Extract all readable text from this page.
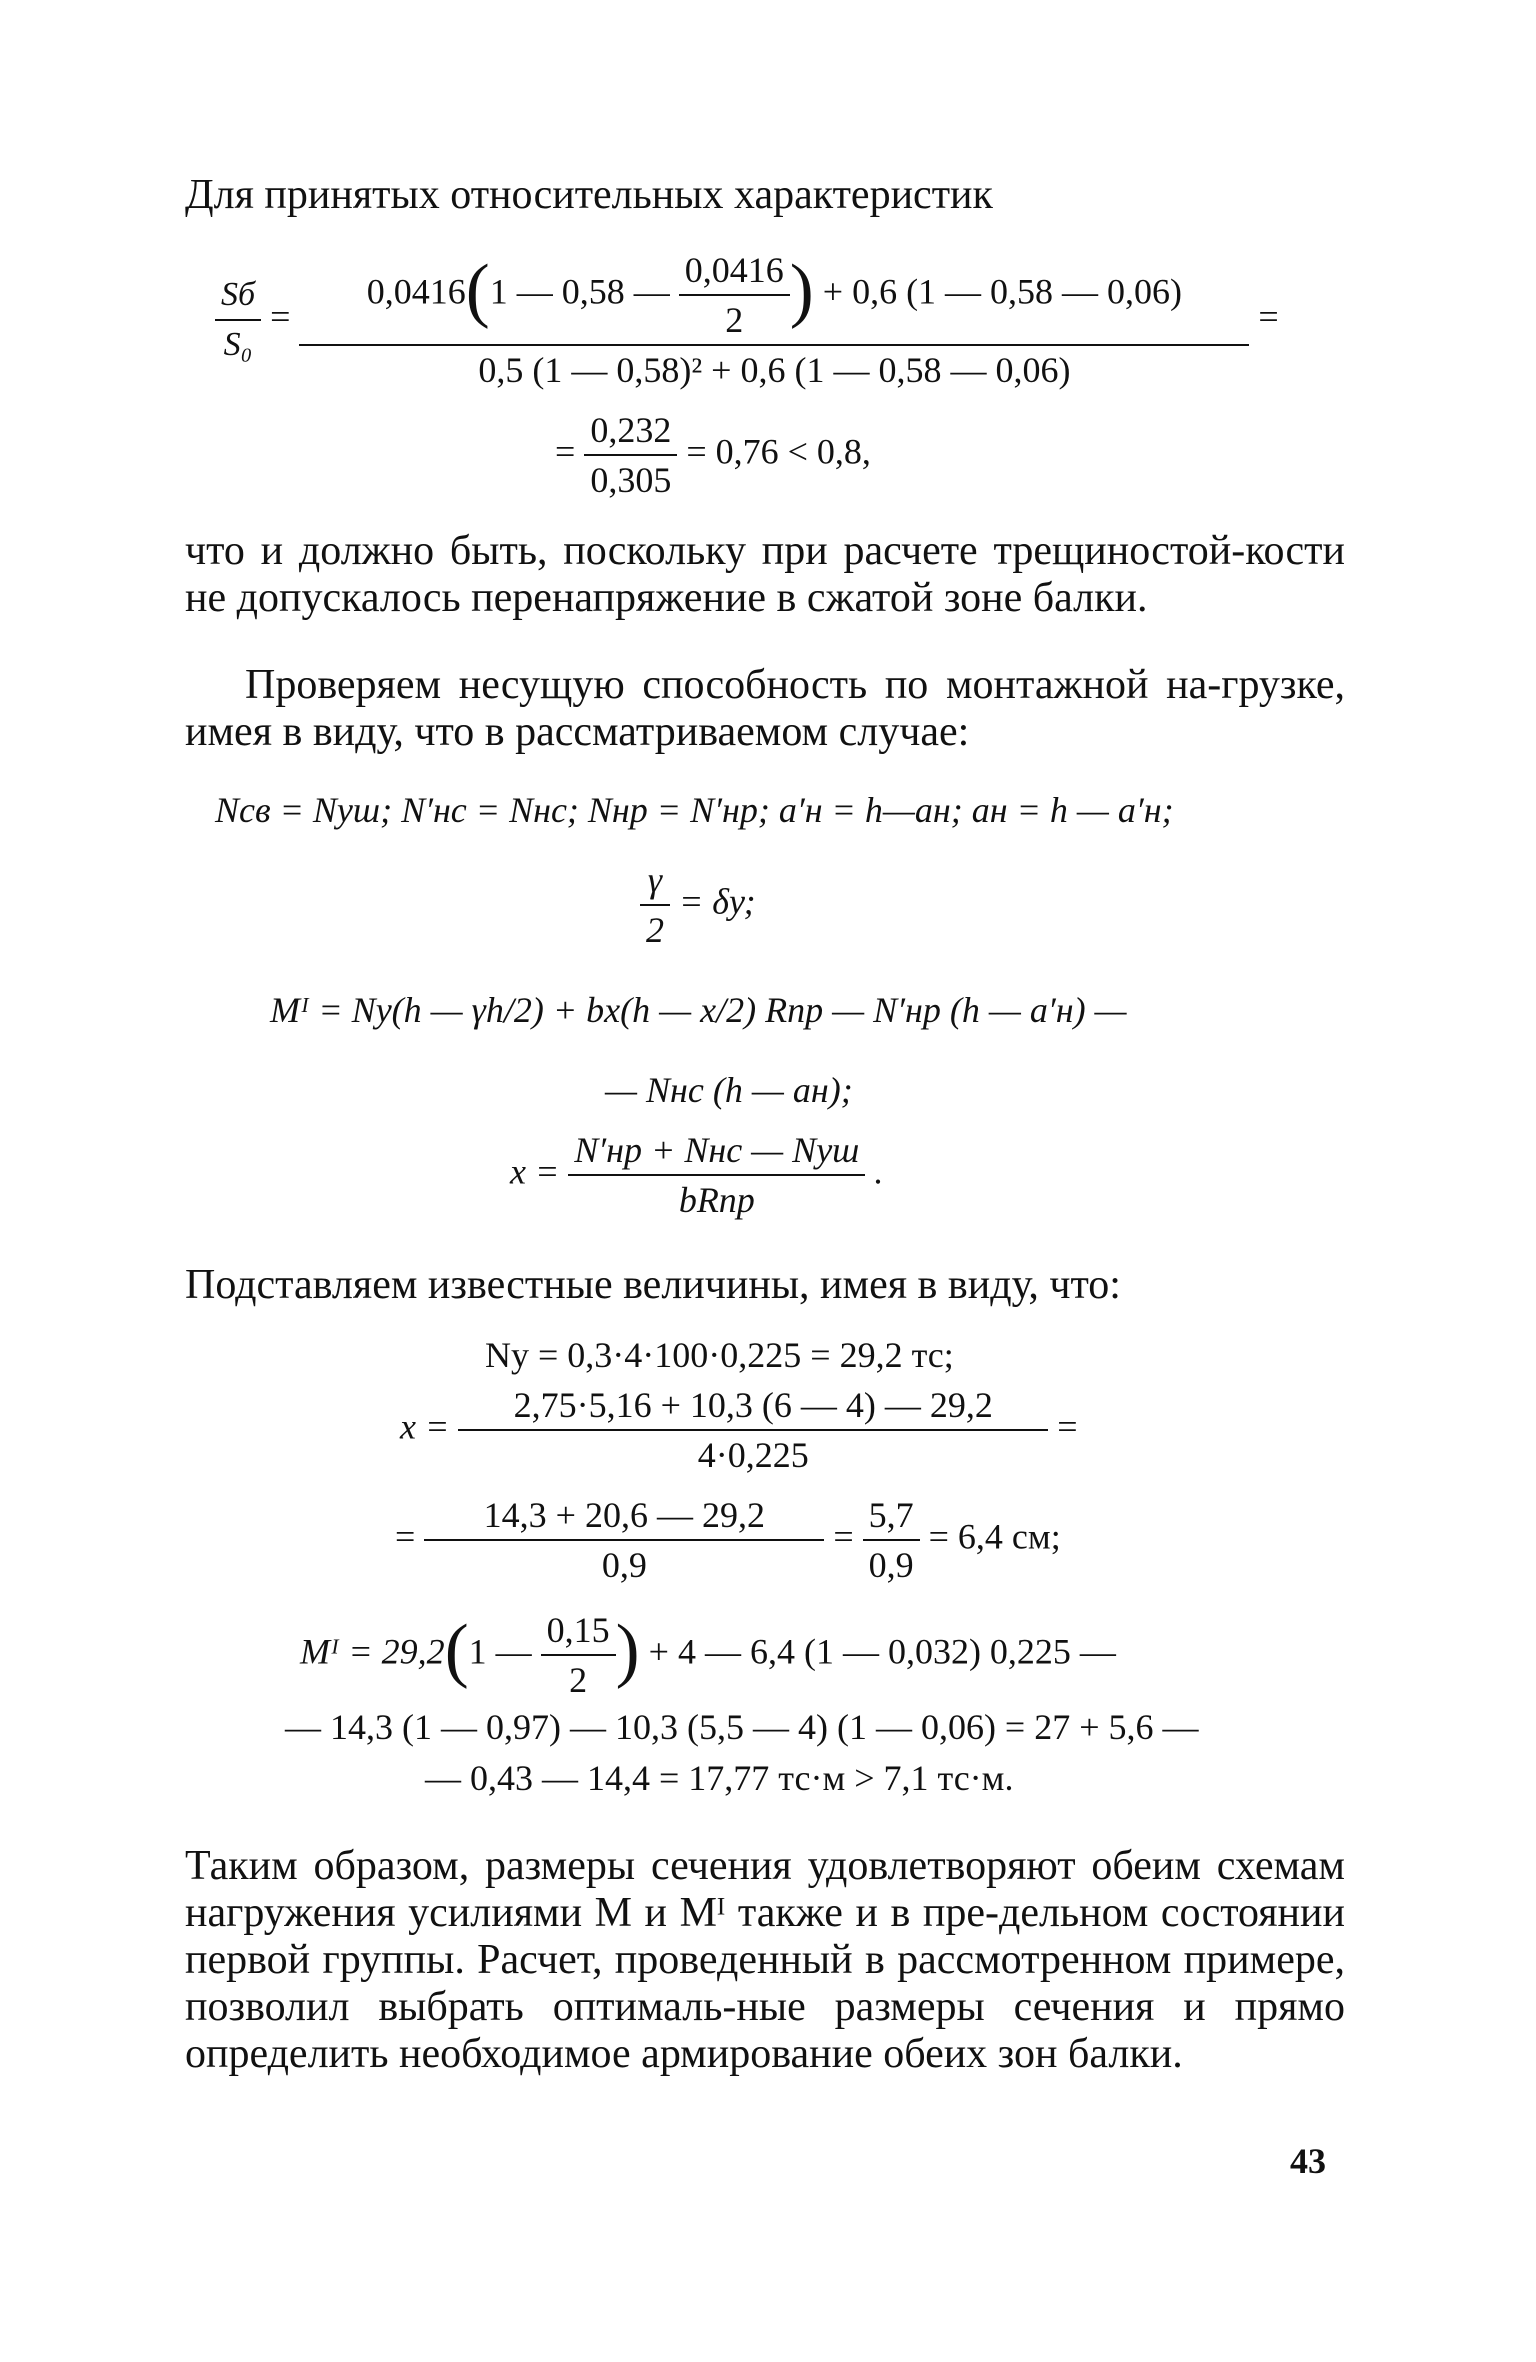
Для принятых относительных характеристик

$\frac{Sб}{\text{S₀}}$ =
0,0416(1 — 0,58 — $\frac{0,0416}{2}$ ) + 0,6 (1 — 0,58 — 0,06)
0,5 (1 — 0,58)² + 0,6 (1 — 0,58 — 0,06)
=
= $\frac{0,232}{0,305} = 0,76 < 0,8$,

что и должно быть, поскольку при расчете трещиностой-кости не допускалось перенапряжение в сжатой зоне балки.

Проверяем несущую способность по монтажной на-грузке, имея в виду, что в рассматриваемом случае:

Nсв = Nуш; N′нс = Nнс; Nнр = N′нр; a′н = h—aн; aн = h — a′н;
$\frac{\gamma}{2} = \delta у$;
Mᴵ = Nу(h — γh/2) + bx(h — x/2) Rпр — N′нр (h — a′н) —
— Nнс (h — aн);
$x = \frac{\text{N′нр + Nнс — Nуш}}{\text{bRпр}}$ .

Подставляем известные величины, имея в виду, что:

Nу = 0,3·4·100·0,225 = 29,2 тс;
$x = \frac{2,75\cdot 5,16 + 10,3 (6 — 4) — 29,2}{4\cdot 0,225}$ =
= $\frac{14,3 + 20,6 — 29,2}{0,9} = \frac{5,7}{0,9} = 6,4$ см;
Mᴵ = 29,2(1 — $\frac{0,15}{2}$ ) + 4 — 6,4 (1 — 0,032) 0,225 —
— 14,3 (1 — 0,97) — 10,3 (5,5 — 4) (1 — 0,06) = 27 + 5,6 —
— 0,43 — 14,4 = 17,77 тс·м > 7,1 тс·м.

Таким образом, размеры сечения удовлетворяют обеим схемам нагружения усилиями M и Mᴵ также и в пре-дельном состоянии первой группы. Расчет, проведенный в рассмотренном примере, позволил выбрать оптималь-ные размеры сечения и прямо определить необходимое армирование обеих зон балки.

43
